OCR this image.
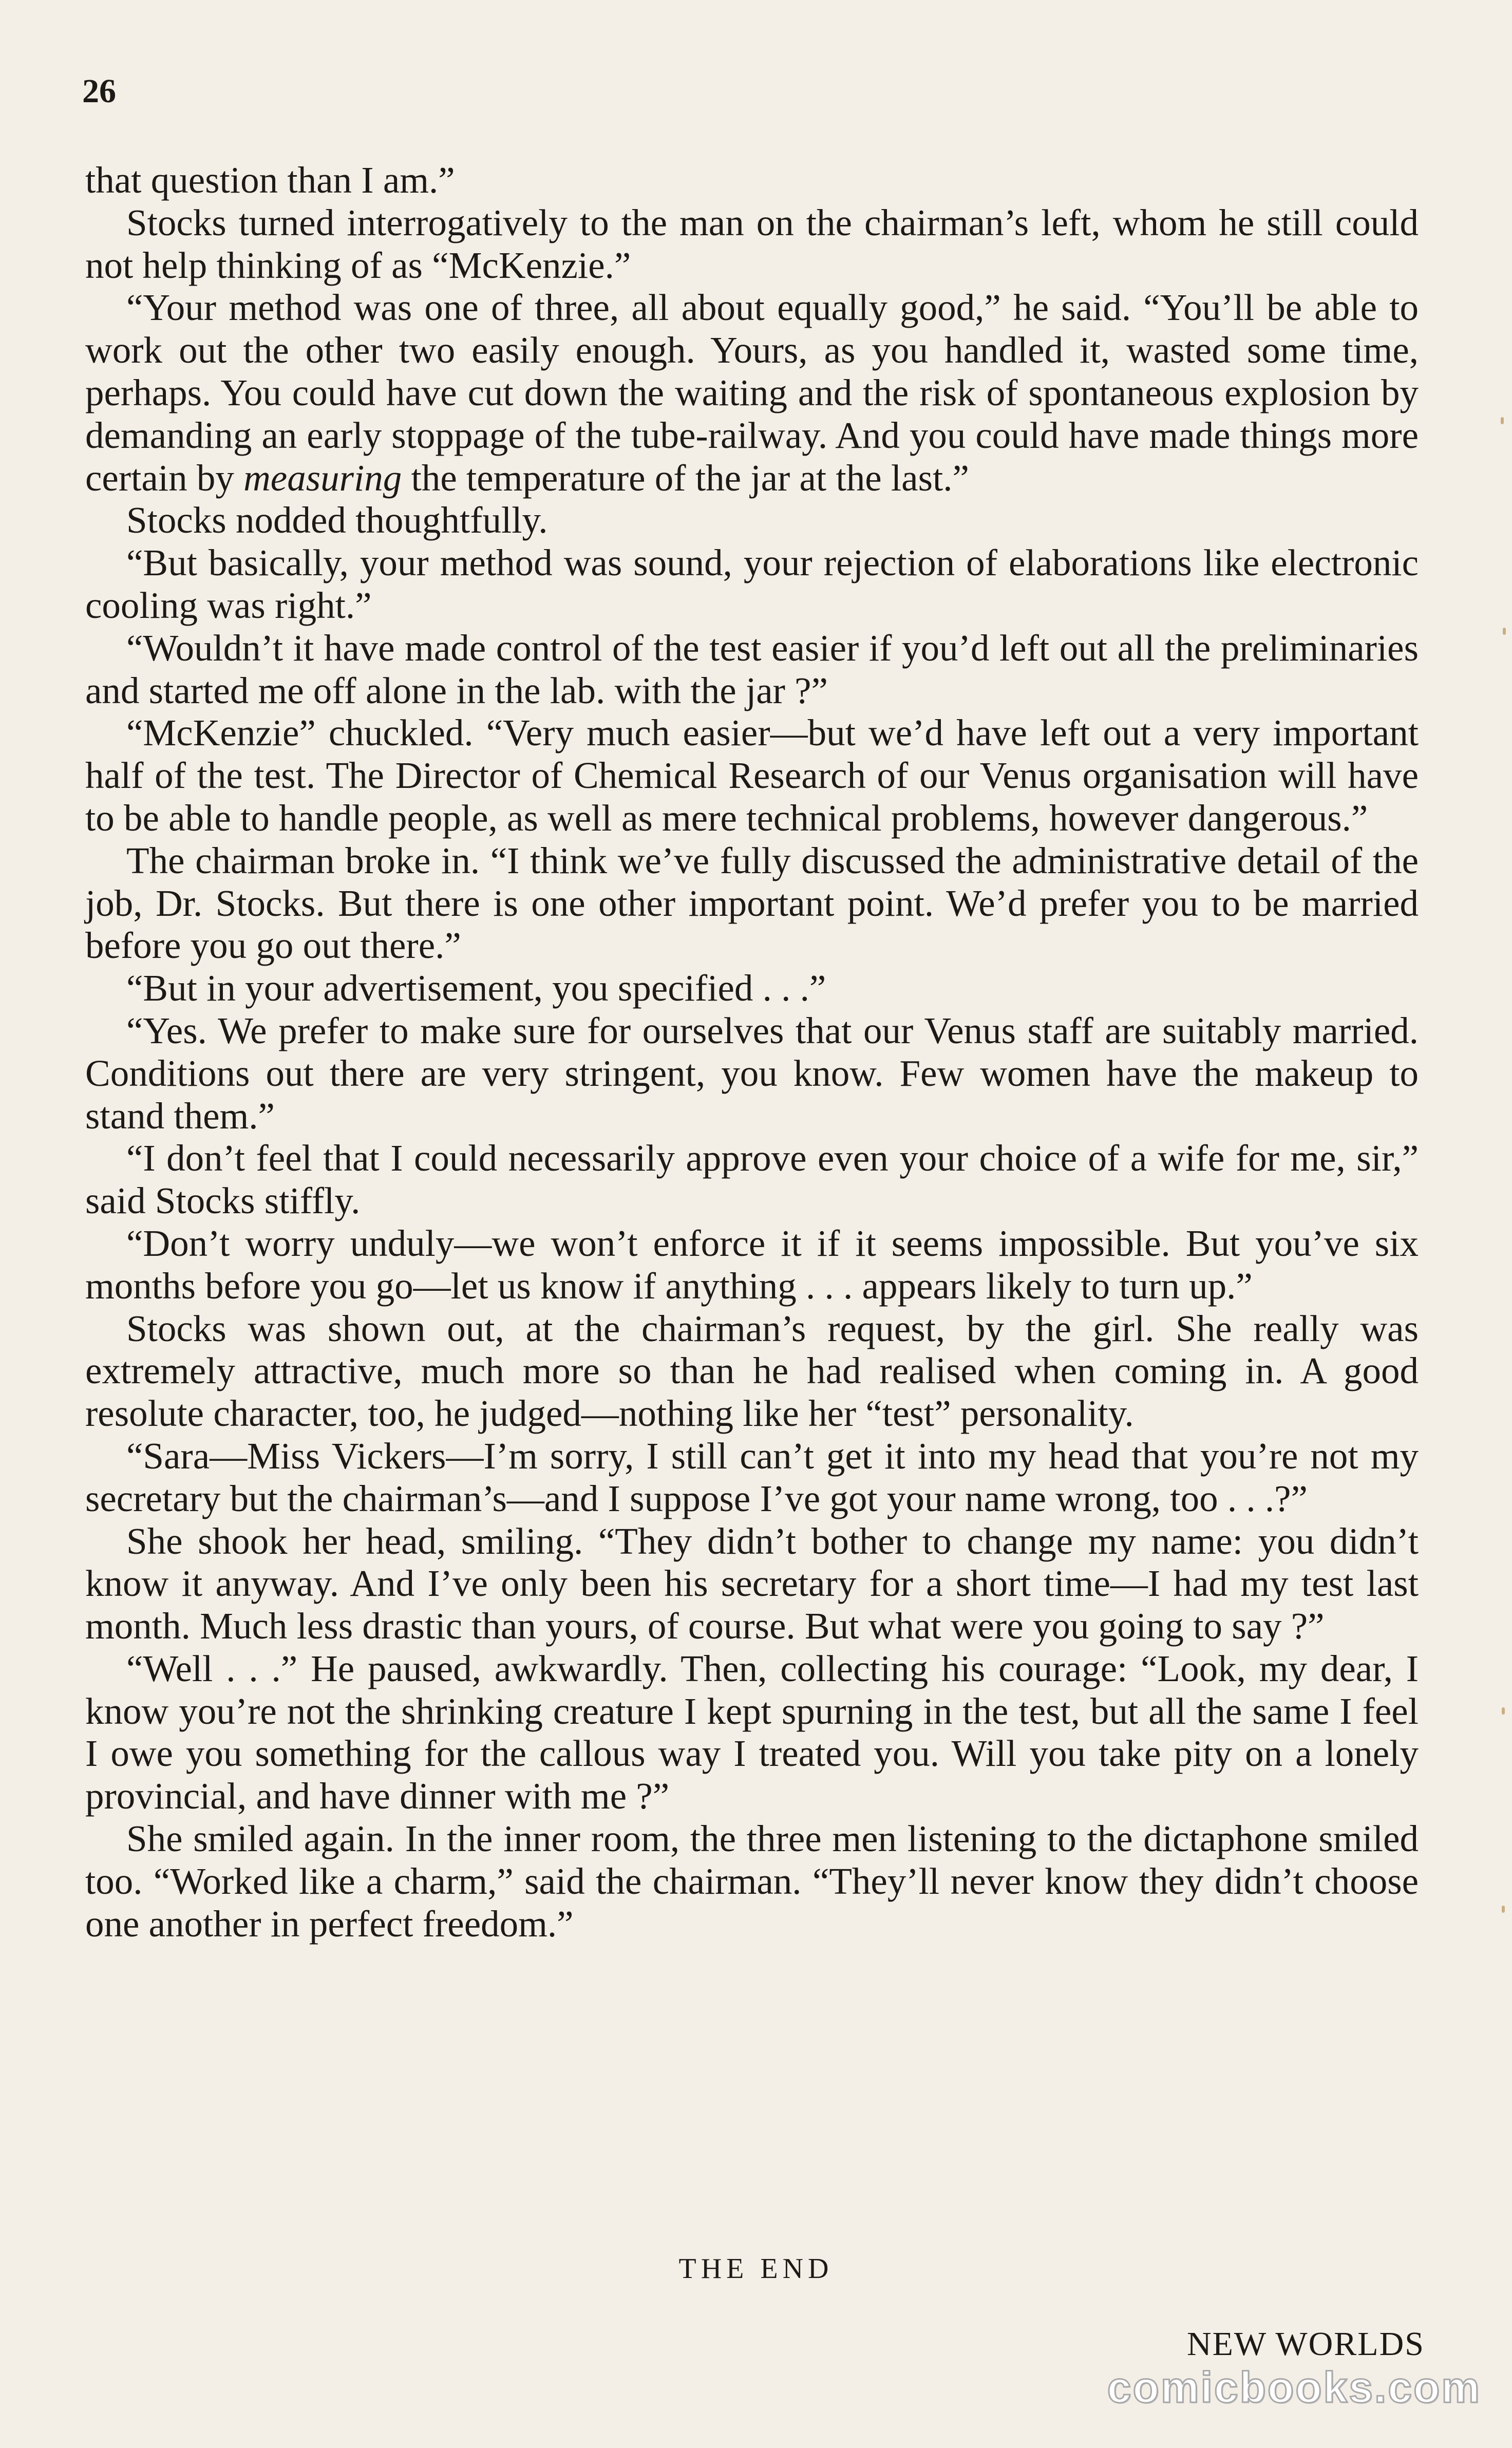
26

that question than I am.”

Stocks turned interrogatively to the man on the chairman’s left, whom he still could not help thinking of as “McKenzie.”

“Your method was one of three, all about equally good,” he said. “You’ll be able to work out the other two easily enough. Yours, as you handled it, wasted some time, perhaps. You could have cut down the waiting and the risk of spontaneous explosion by demanding an early stoppage of the tube-railway. And you could have made things more certain by measuring the temperature of the jar at the last.”

Stocks nodded thoughtfully.

“But basically, your method was sound, your rejection of elaborations like electronic cooling was right.”

“Wouldn’t it have made control of the test easier if you’d left out all the preliminaries and started me off alone in the lab. with the jar ?”

“McKenzie” chuckled. “Very much easier—but we’d have left out a very important half of the test. The Director of Chemical Research of our Venus organisation will have to be able to handle people, as well as mere technical problems, however dangerous.”

The chairman broke in. “I think we’ve fully discussed the administrative detail of the job, Dr. Stocks. But there is one other important point. We’d prefer you to be married before you go out there.”

“But in your advertisement, you specified . . .”

“Yes. We prefer to make sure for ourselves that our Venus staff are suitably married. Conditions out there are very stringent, you know. Few women have the makeup to stand them.”

“I don’t feel that I could necessarily approve even your choice of a wife for me, sir,” said Stocks stiffly.

“Don’t worry unduly—we won’t enforce it if it seems impossible. But you’ve six months before you go—let us know if anything . . . appears likely to turn up.”

Stocks was shown out, at the chairman’s request, by the girl. She really was extremely attractive, much more so than he had realised when coming in. A good resolute character, too, he judged—nothing like her “test” personality.

“Sara—Miss Vickers—I’m sorry, I still can’t get it into my head that you’re not my secretary but the chairman’s—and I suppose I’ve got your name wrong, too . . .?”

She shook her head, smiling. “They didn’t bother to change my name: you didn’t know it anyway. And I’ve only been his secretary for a short time—I had my test last month. Much less drastic than yours, of course. But what were you going to say ?”

“Well . . .” He paused, awkwardly. Then, collecting his courage: “Look, my dear, I know you’re not the shrinking creature I kept spurning in the test, but all the same I feel I owe you something for the callous way I treated you. Will you take pity on a lonely provincial, and have dinner with me ?”

She smiled again. In the inner room, the three men listening to the dictaphone smiled too. “Worked like a charm,” said the chairman. “They’ll never know they didn’t choose one another in perfect freedom.”

THE END
NEW WORLDS
comicbooks.com
